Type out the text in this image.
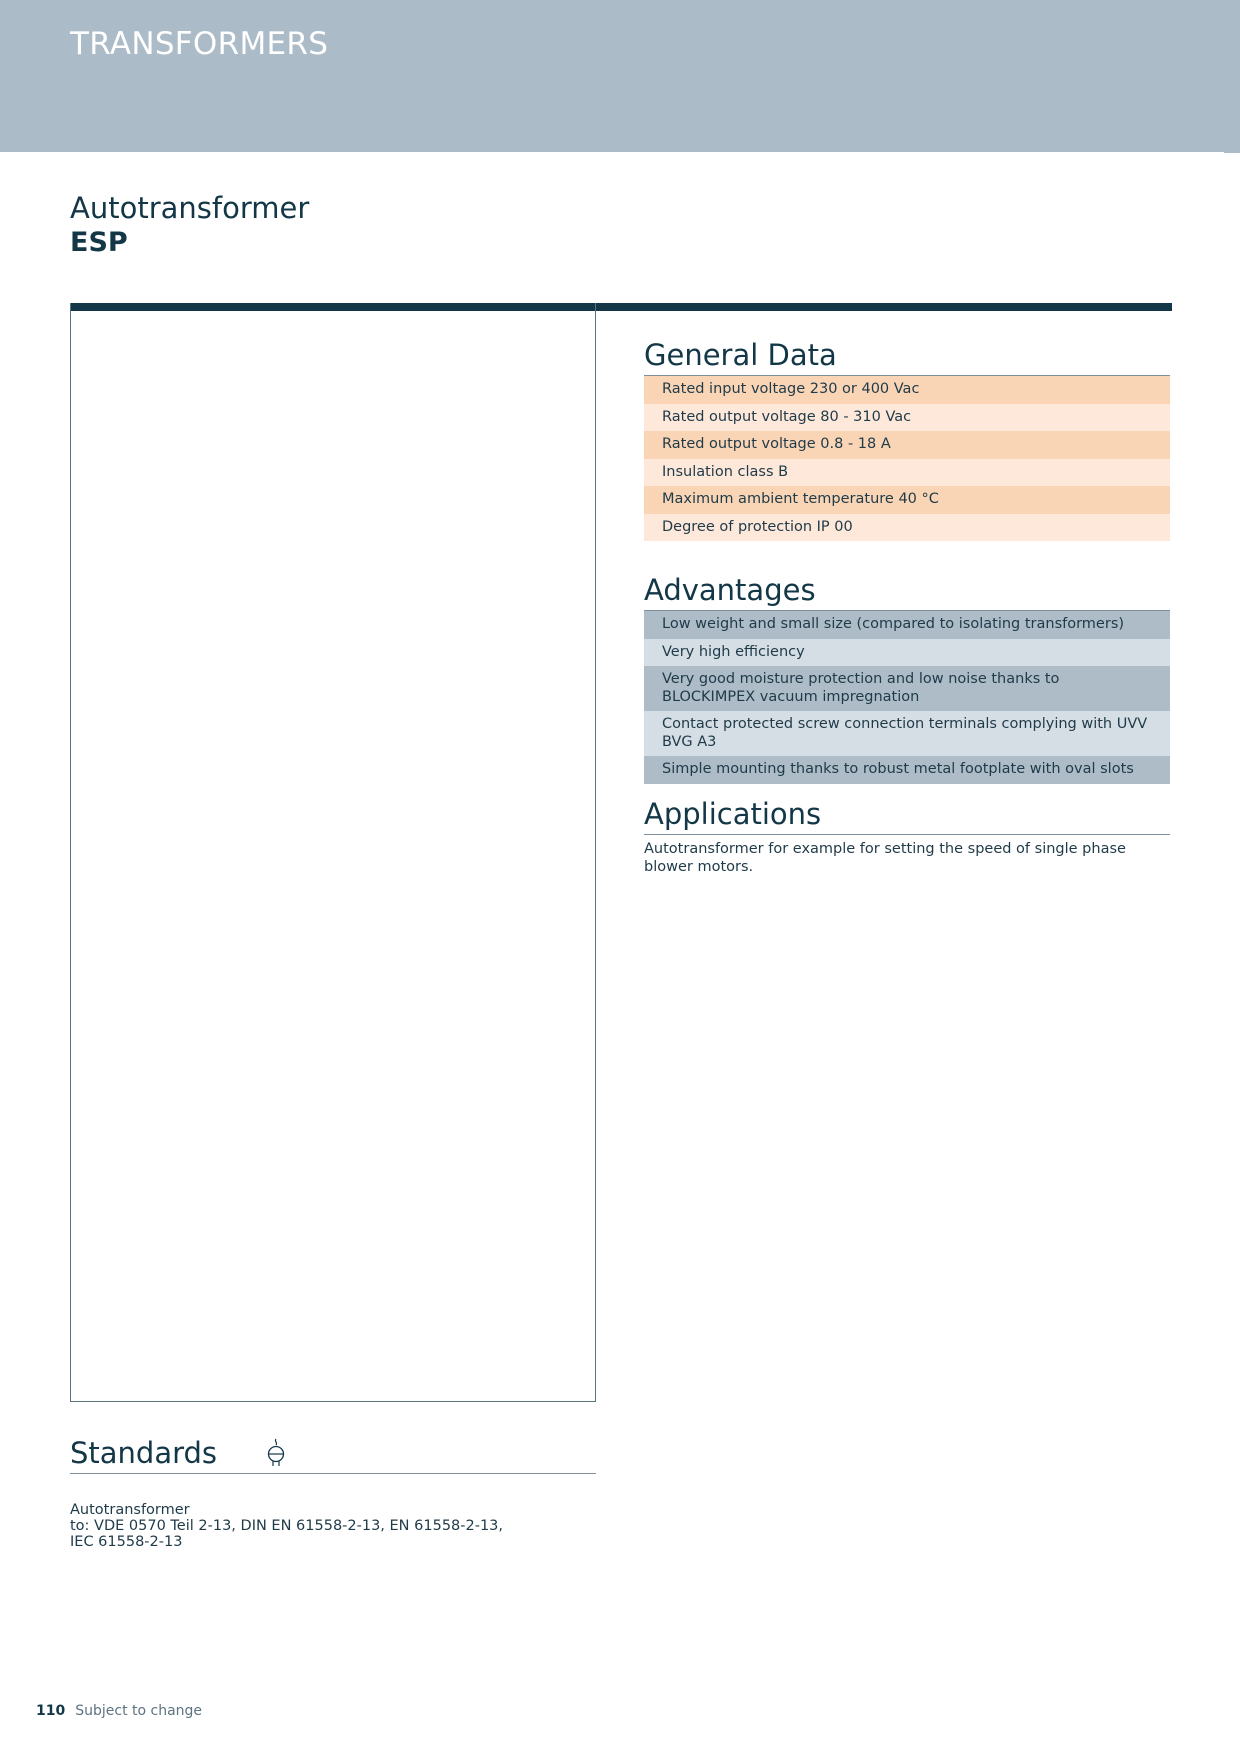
TRANSFORMERS
Autotransformer
ESP
General Data
Rated input voltage 230 or 400 Vac
Rated output voltage 80 - 310 Vac
Rated output voltage 0.8 - 18 A
Insulation class B
Maximum ambient temperature 40 °C
Degree of protection IP 00
Advantages
Low weight and small size (compared to isolating transformers)
Very high efficiency
Very good moisture protection and low noise thanks to BLOCKIMPEX vacuum impregnation
Contact protected screw connection terminals complying with UVV BVG A3
Simple mounting thanks to robust metal footplate with oval slots
Applications

Autotransformer for example for setting the speed of single phase blower motors.

Standards
Autotransformer
to: VDE 0570 Teil 2-13, DIN EN 61558-2-13, EN 61558-2-13,
IEC 61558-2-13
110 Subject to change
